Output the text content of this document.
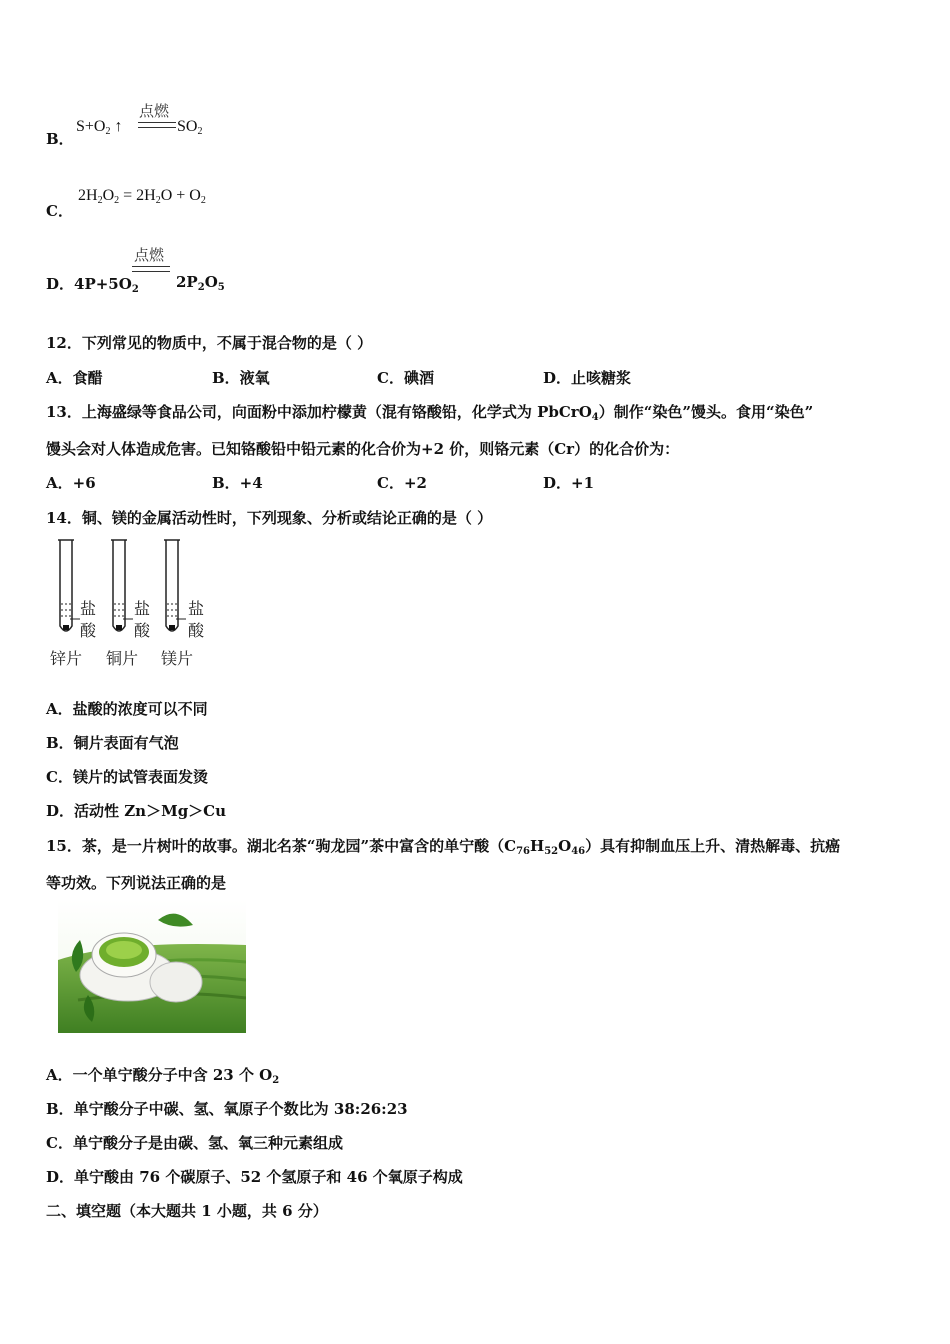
B．
$S+O_2$ ↑
点燃
$SO_2$
C．
$2H_2O_2 = 2H_2O + O_2$
D．$4P+5O_2$
点燃
$2P_2O_5$
12．下列常见的物质中，不属于混合物的是（ ）
A．食醋	B．液氧	C．碘酒	D．止咳糖浆
13．上海盛绿等食品公司，向面粉中添加柠檬黄（混有铬酸铅，化学式为 PbCrO$_4$）制作“染色”馒头。食用“染色”
馒头会对人体造成危害。已知铬酸铅中铅元素的化合价为+2 价，则铬元素（Cr）的化合价为：
A．+6	B．+4	C．+2	D．+1
14．铜、镁的金属活动性时，下列现象、分析或结论正确的是（ ）
盐
酸
盐
酸
盐
酸
锌片 铜片 镁片
A．盐酸的浓度可以不同
B．铜片表面有气泡
C．镁片的试管表面发烫
D．活动性 Zn＞Mg＞Cu
15．茶，是一片树叶的故事。湖北名茶“驹龙园”茶中富含的单宁酸$(C_{76}H_{52}O_{46})$具有抑制血压上升、清热解毒、抗癌
等功效。下列说法正确的是
A．一个单宁酸分子中含 23 个 $O_2$
B．单宁酸分子中碳、氢、氧原子个数比为 38:26:23
C．单宁酸分子是由碳、氢、氧三种元素组成
D．单宁酸由 76 个碳原子、52 个氢原子和 46 个氧原子构成
二、填空题（本大题共 1 小题，共 6 分）
